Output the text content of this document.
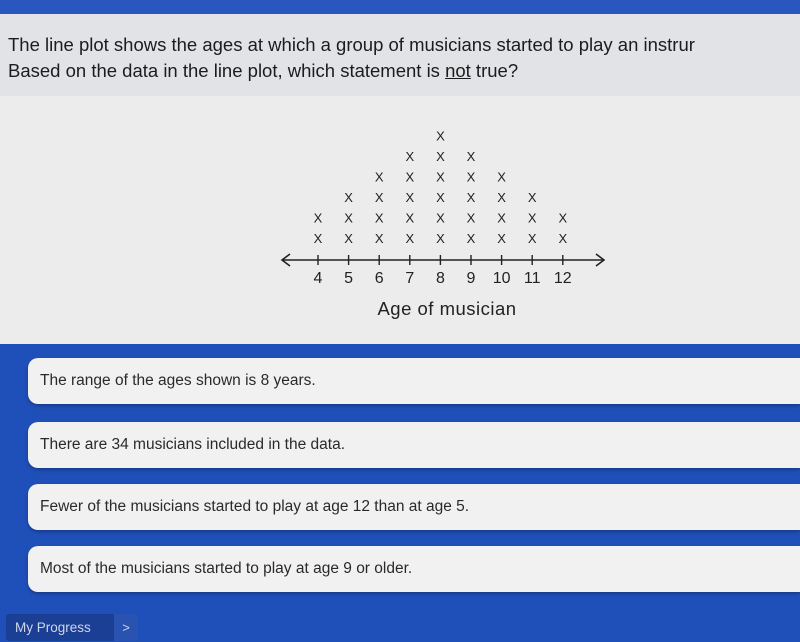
The line plot shows the ages at which a group of musicians started to play an instrur
Based on the data in the line plot, which statement is not true?

4
X
X
5
X
X
X
6
X
X
X
X
7
X
X
X
X
X
8
X
X
X
X
X
X
9
X
X
X
X
X
10
X
X
X
X
11
X
X
X
12
X
X
Age of musician
The range of the ages shown is 8 years.
There are 34 musicians included in the data.
Fewer of the musicians started to play at age 12 than at age 5.
Most of the musicians started to play at age 9 or older.
My Progress	>
